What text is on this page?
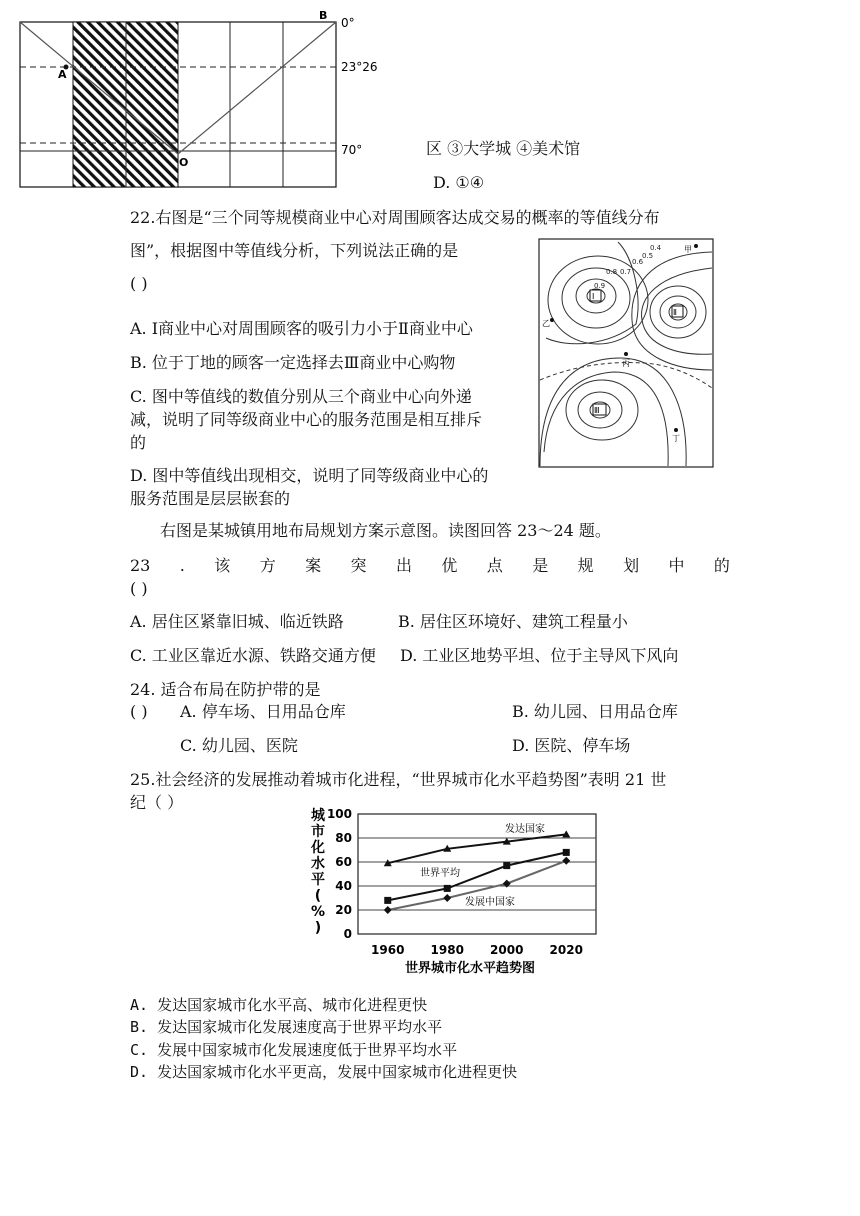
A
B
O
0°
23°26
70°	区 ③大学城 ④美术馆
D. ①④
22.右图是“三个同等规模商业中心对周围顾客达成交易的概率的等值线分布
图”，根据图中等值线分析，下列说法正确的是
( )
A. Ⅰ商业中心对周围顾客的吸引力小于Ⅱ商业中心
B. 位于丁地的顾客一定选择去Ⅲ商业中心购物
C. 图中等值线的数值分别从三个商业中心向外递
减，说明了同等级商业中心的服务范围是相互排斥
的
D. 图中等值线出现相交，说明了同等级商业中心的
服务范围是层层嵌套的
Ⅰ
Ⅱ
Ⅲ
甲
乙
丙
丁
0.9
0.8 0.7
0.6
0.5
0.4
右图是某城镇用地布局规划方案示意图。读图回答 23～24 题。
23 . 该 方 案 突 出 优 点 是 规 划 中 的
( )
A. 居住区紧靠旧城、临近铁路	B. 居住区环境好、建筑工程量小
C. 工业区靠近水源、铁路交通方便 D. 工业区地势平坦、位于主导风下风向
24. 适合布局在防护带的是
( ) A. 停车场、日用品仓库	B. 幼儿园、日用品仓库
C. 幼儿园、医院	D. 医院、停车场
25.社会经济的发展推动着城市化进程，“世界城市化水平趋势图”表明 21 世
纪（ ）
城
市
化
水
平
(
%
) 0
20
40
60
80
100
1960 1980 2000 2020
发达国家
世界平均
发展中国家
世界城市化水平趋势图
A. 发达国家城市化水平高、城市化进程更快
B. 发达国家城市化发展速度高于世界平均水平
C. 发展中国家城市化发展速度低于世界平均水平
D. 发达国家城市化水平更高，发展中国家城市化进程更快
